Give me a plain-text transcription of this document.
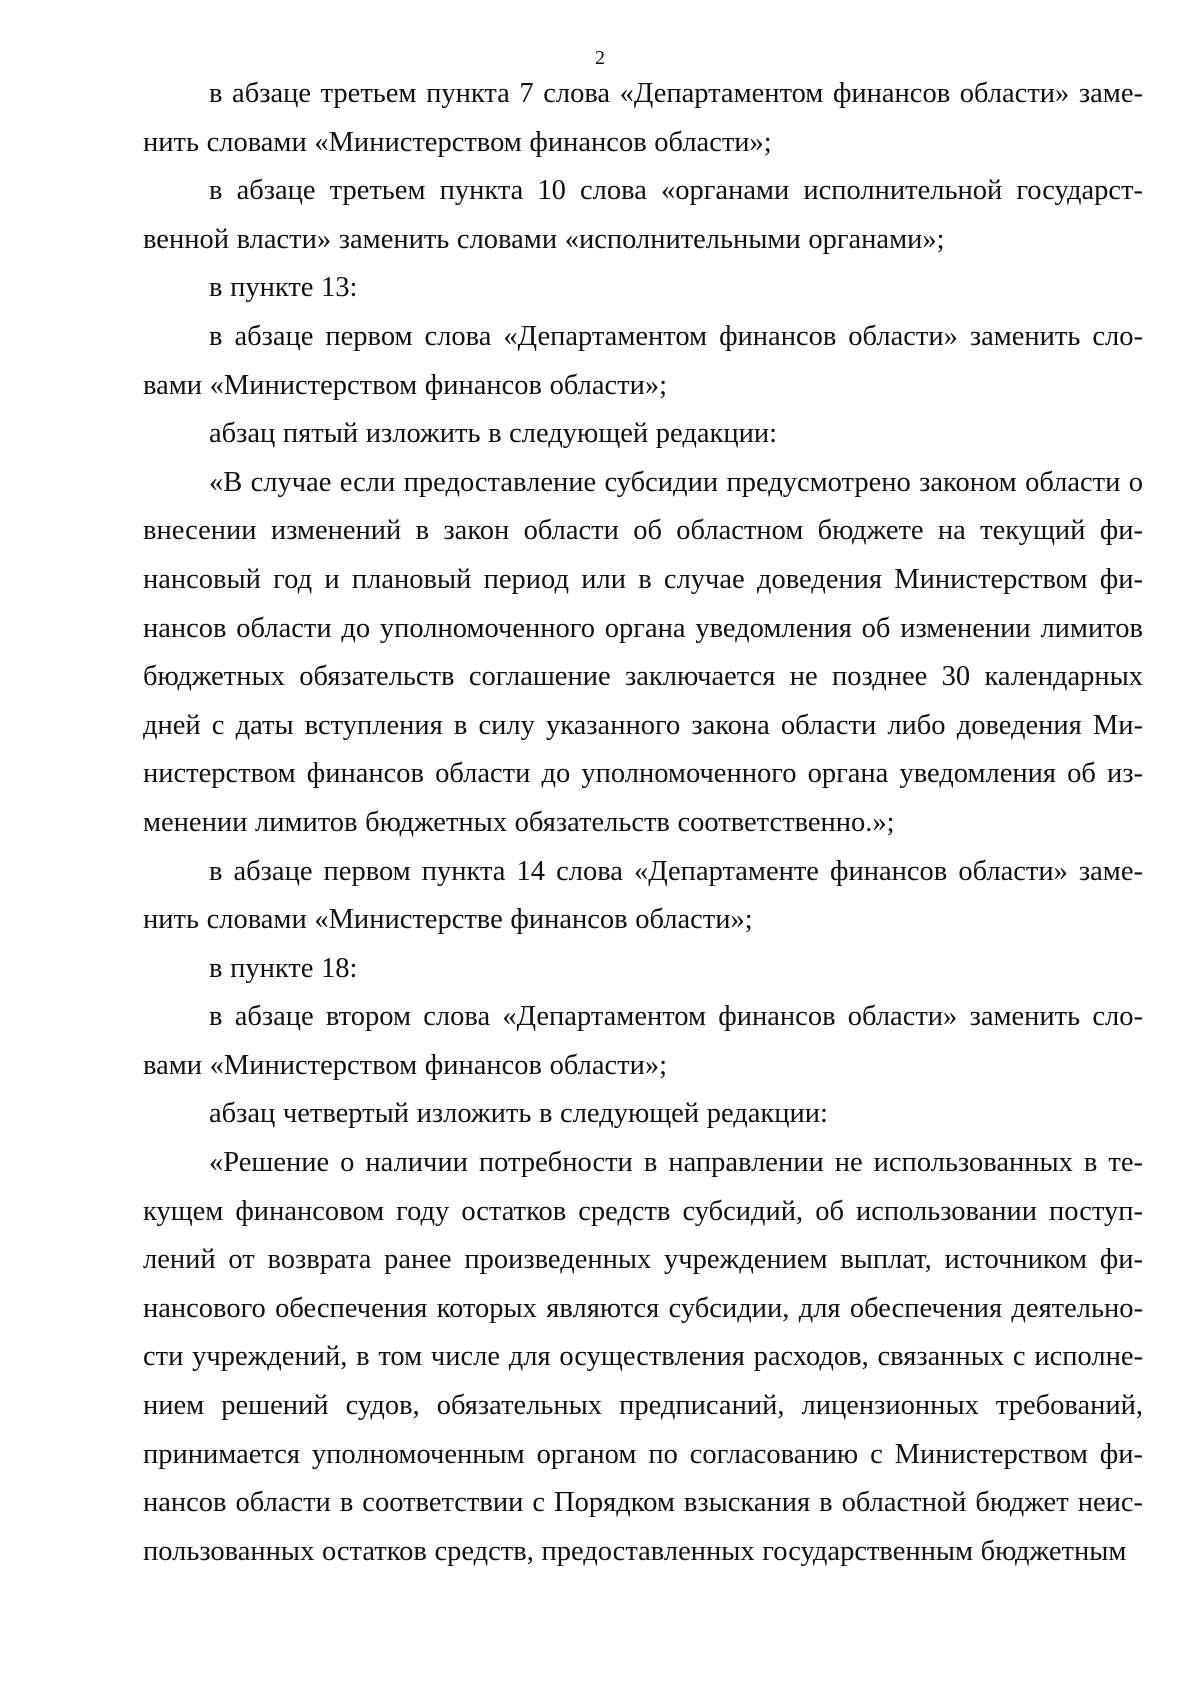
2

в абзаце третьем пункта 7 слова «Департаментом финансов области» заменить словами «Министерством финансов области»;

в абзаце третьем пункта 10 слова «органами исполнительной государственной власти» заменить словами «исполнительными органами»;

в пункте 13:

в абзаце первом слова «Департаментом финансов области» заменить словами «Министерством финансов области»;

абзац пятый изложить в следующей редакции:

«В случае если предоставление субсидии предусмотрено законом области о внесении изменений в закон области об областном бюджете на текущий финансовый год и плановый период или в случае доведения Министерством финансов области до уполномоченного органа уведомления об изменении лимитов бюджетных обязательств соглашение заключается не позднее 30 календарных дней с даты вступления в силу указанного закона области либо доведения Министерством финансов области до уполномоченного органа уведомления об изменении лимитов бюджетных обязательств соответственно.»;

в абзаце первом пункта 14 слова «Департаменте финансов области» заменить словами «Министерстве финансов области»;

в пункте 18:

в абзаце втором слова «Департаментом финансов области» заменить словами «Министерством финансов области»;

абзац четвертый изложить в следующей редакции:

«Решение о наличии потребности в направлении не использованных в текущем финансовом году остатков средств субсидий, об использовании поступлений от возврата ранее произведенных учреждением выплат, источником финансового обеспечения которых являются субсидии, для обеспечения деятельности учреждений, в том числе для осуществления расходов, связанных с исполнением решений судов, обязательных предписаний, лицензионных требований, принимается уполномоченным органом по согласованию с Министерством финансов области в соответствии с Порядком взыскания в областной бюджет неиспользованных остатков средств, предоставленных государственным бюджетным
